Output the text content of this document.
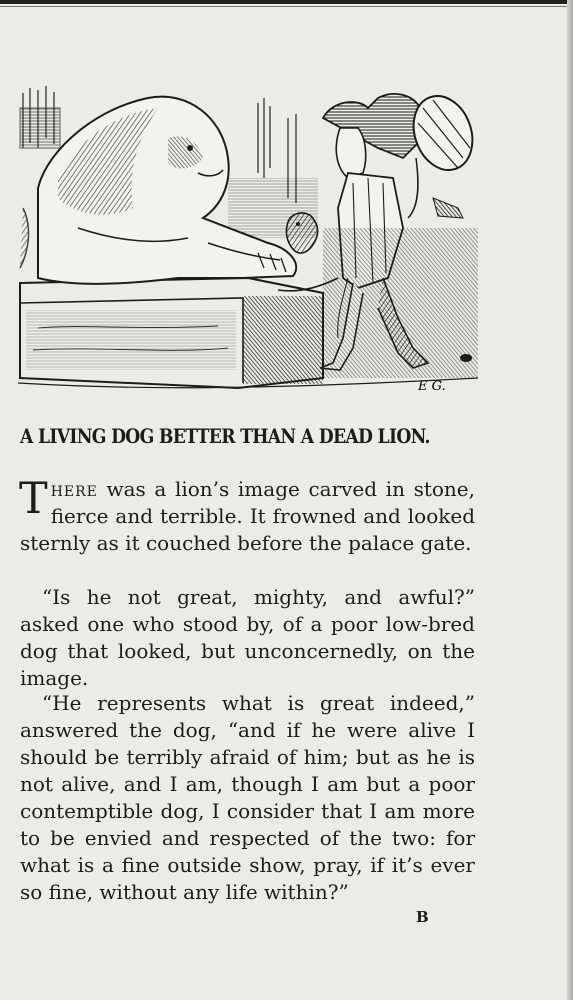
E G.
A LIVING DOG BETTER THAN A DEAD LION.

T here was a lion’s image carved in stone, fierce and terrible. It frowned and looked sternly as it couched before the palace gate.

“Is he not great, mighty, and awful?” asked one who stood by, of a poor low-bred dog that looked, but unconcernedly, on the image.

“He represents what is great indeed,” answered the dog, “and if he were alive I should be terribly afraid of him; but as he is not alive, and I am, though I am but a poor contemptible dog, I consider that I am more to be envied and respected of the two: for what is a fine outside show, pray, if it’s ever so fine, without any life within?”

B
